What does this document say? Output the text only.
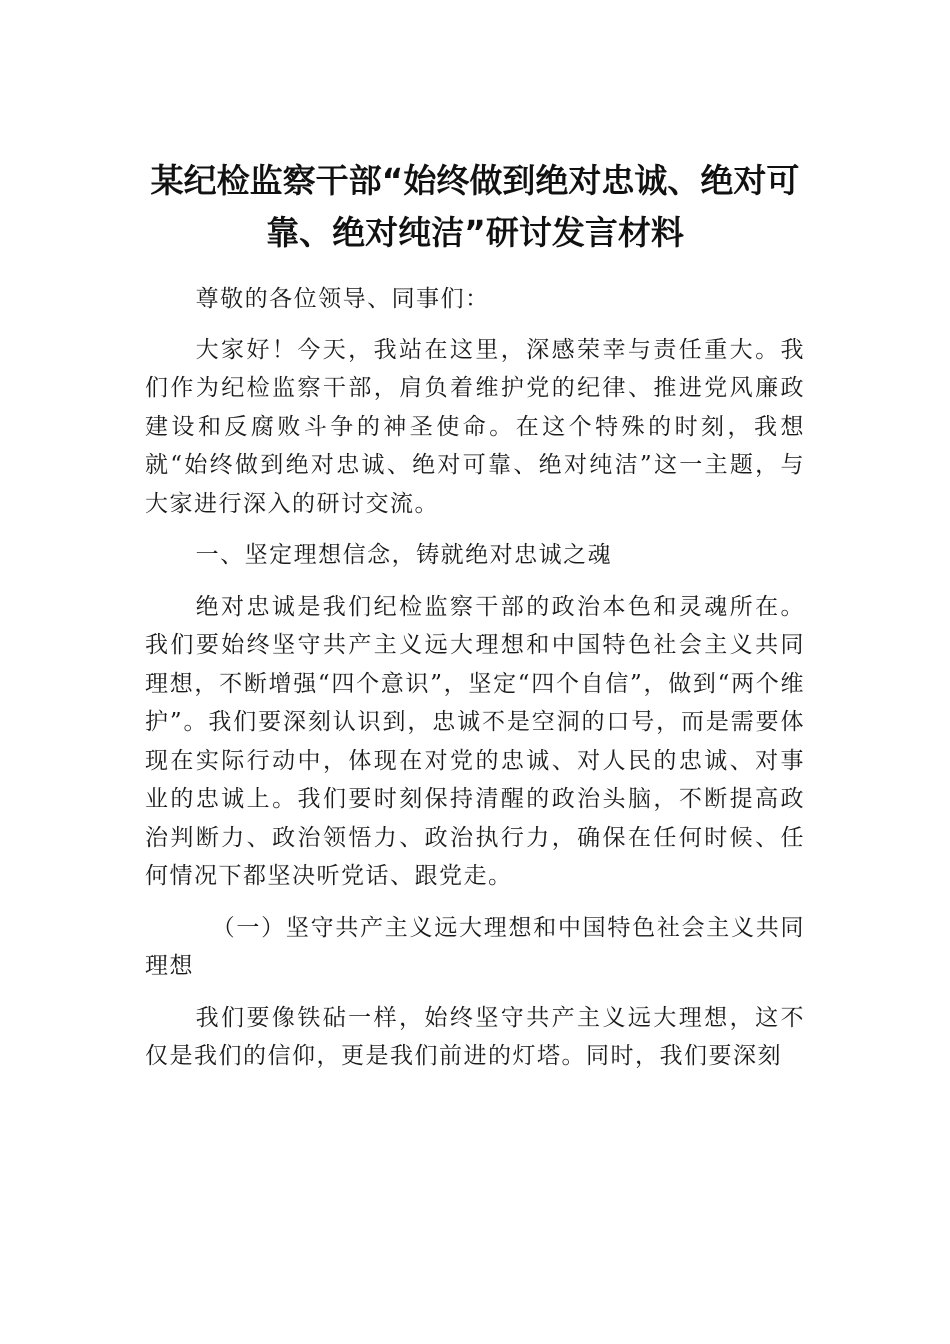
某纪检监察干部“始终做到绝对忠诚、绝对可靠、绝对纯洁”研讨发言材料

尊敬的各位领导、同事们：

大家好！今天，我站在这里，深感荣幸与责任重大。我们作为纪检监察干部，肩负着维护党的纪律、推进党风廉政建设和反腐败斗争的神圣使命。在这个特殊的时刻，我想就“始终做到绝对忠诚、绝对可靠、绝对纯洁”这一主题，与大家进行深入的研讨交流。

一、坚定理想信念，铸就绝对忠诚之魂

绝对忠诚是我们纪检监察干部的政治本色和灵魂所在。我们要始终坚守共产主义远大理想和中国特色社会主义共同理想，不断增强“四个意识”，坚定“四个自信”，做到“两个维护”。我们要深刻认识到，忠诚不是空洞的口号，而是需要体现在实际行动中，体现在对党的忠诚、对人民的忠诚、对事业的忠诚上。我们要时刻保持清醒的政治头脑，不断提高政治判断力、政治领悟力、政治执行力，确保在任何时候、任何情况下都坚决听党话、跟党走。

（一）坚守共产主义远大理想和中国特色社会主义共同理想

我们要像铁砧一样，始终坚守共产主义远大理想，这不仅是我们的信仰，更是我们前进的灯塔。同时，我们要深刻
